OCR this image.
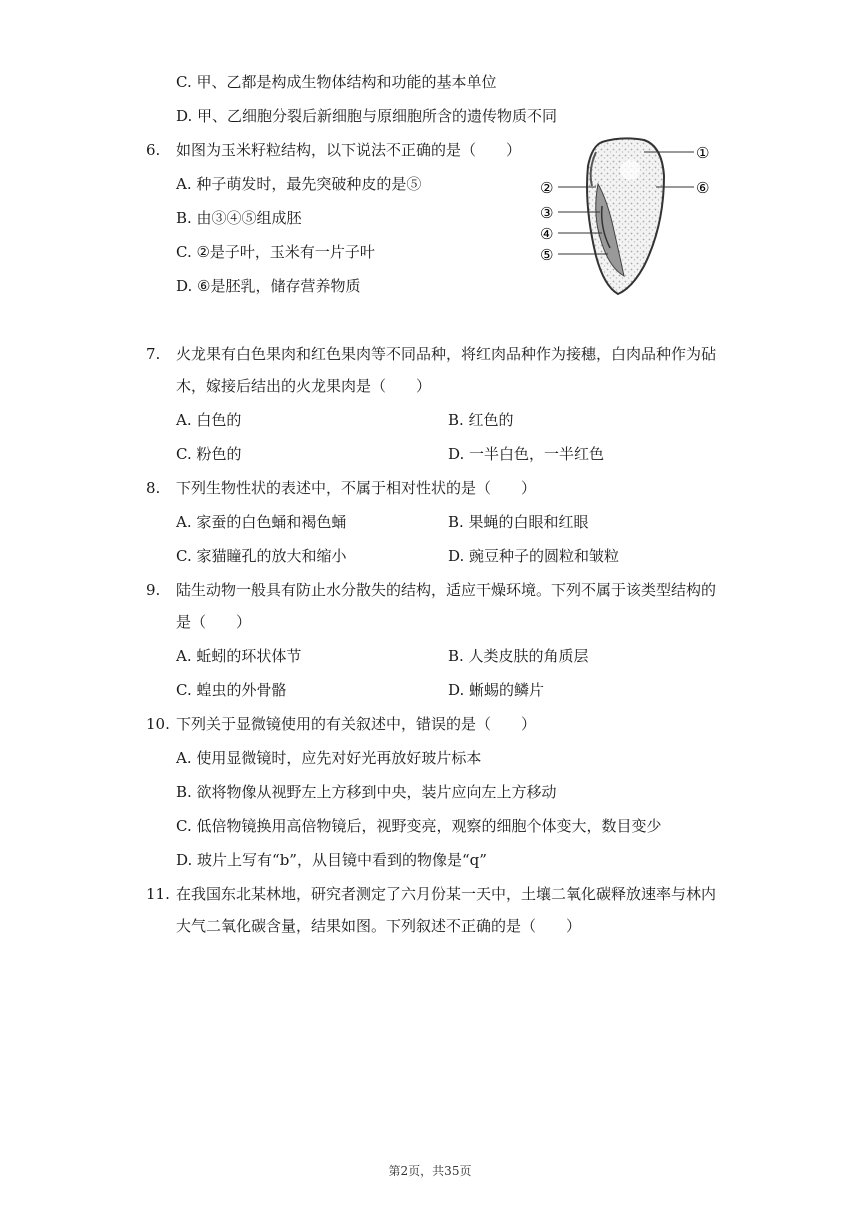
C. 甲、乙都是构成生物体结构和功能的基本单位
D. 甲、乙细胞分裂后新细胞与原细胞所含的遗传物质不同
6. 如图为玉米籽粒结构，以下说法不正确的是（　　）
A. 种子萌发时，最先突破种皮的是⑤
B. 由③④⑤组成胚
C. ②是子叶，玉米有一片子叶
D. ⑥是胚乳，储存营养物质
①
⑥
②
③
④
⑤
7. 火龙果有白色果肉和红色果肉等不同品种，将红肉品种作为接穗，白肉品种作为砧
木，嫁接后结出的火龙果肉是（　　）
A. 白色的	B. 红色的
C. 粉色的	D. 一半白色，一半红色
8. 下列生物性状的表述中，不属于相对性状的是（　　）
A. 家蚕的白色蛹和褐色蛹	B. 果蝇的白眼和红眼
C. 家猫瞳孔的放大和缩小	D. 豌豆种子的圆粒和皱粒
9. 陆生动物一般具有防止水分散失的结构，适应干燥环境。下列不属于该类型结构的
是（　　）
A. 蚯蚓的环状体节	B. 人类皮肤的角质层
C. 蝗虫的外骨骼	D. 蜥蜴的鳞片
10. 下列关于显微镜使用的有关叙述中，错误的是（　　）
A. 使用显微镜时，应先对好光再放好玻片标本
B. 欲将物像从视野左上方移到中央，装片应向左上方移动
C. 低倍物镜换用高倍物镜后，视野变亮，观察的细胞个体变大，数目变少
D. 玻片上写有“b”，从目镜中看到的物像是“q”
11. 在我国东北某林地，研究者测定了六月份某一天中，土壤二氧化碳释放速率与林内
大气二氧化碳含量，结果如图。下列叙述不正确的是（　　）
第2页，共35页
